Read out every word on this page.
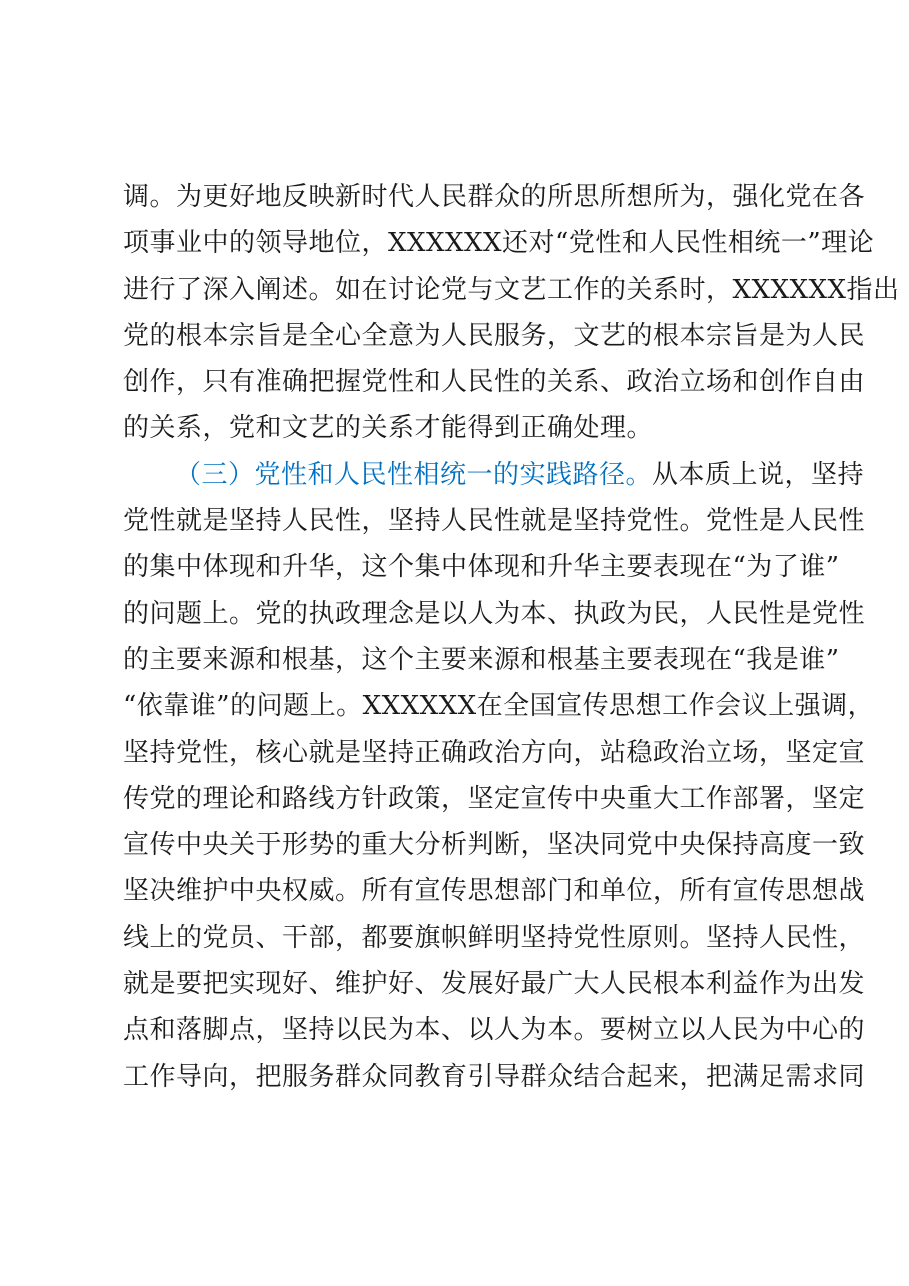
调。为更好地反映新时代人民群众的所思所想所为，强化党在各
项事业中的领导地位，XXXXXX还对“党性和人民性相统一”理论
进行了深入阐述。如在讨论党与文艺工作的关系时，XXXXXX指出
党的根本宗旨是全心全意为人民服务，文艺的根本宗旨是为人民
创作，只有准确把握党性和人民性的关系、政治立场和创作自由
的关系，党和文艺的关系才能得到正确处理。
（三）党性和人民性相统一的实践路径。从本质上说，坚持
党性就是坚持人民性，坚持人民性就是坚持党性。党性是人民性
的集中体现和升华，这个集中体现和升华主要表现在“为了谁”
的问题上。党的执政理念是以人为本、执政为民，人民性是党性
的主要来源和根基，这个主要来源和根基主要表现在“我是谁”
“依靠谁”的问题上。XXXXXX在全国宣传思想工作会议上强调，
坚持党性，核心就是坚持正确政治方向，站稳政治立场，坚定宣
传党的理论和路线方针政策，坚定宣传中央重大工作部署，坚定
宣传中央关于形势的重大分析判断，坚决同党中央保持高度一致
坚决维护中央权威。所有宣传思想部门和单位，所有宣传思想战
线上的党员、干部，都要旗帜鲜明坚持党性原则。坚持人民性，
就是要把实现好、维护好、发展好最广大人民根本利益作为出发
点和落脚点，坚持以民为本、以人为本。要树立以人民为中心的
工作导向，把服务群众同教育引导群众结合起来，把满足需求同
